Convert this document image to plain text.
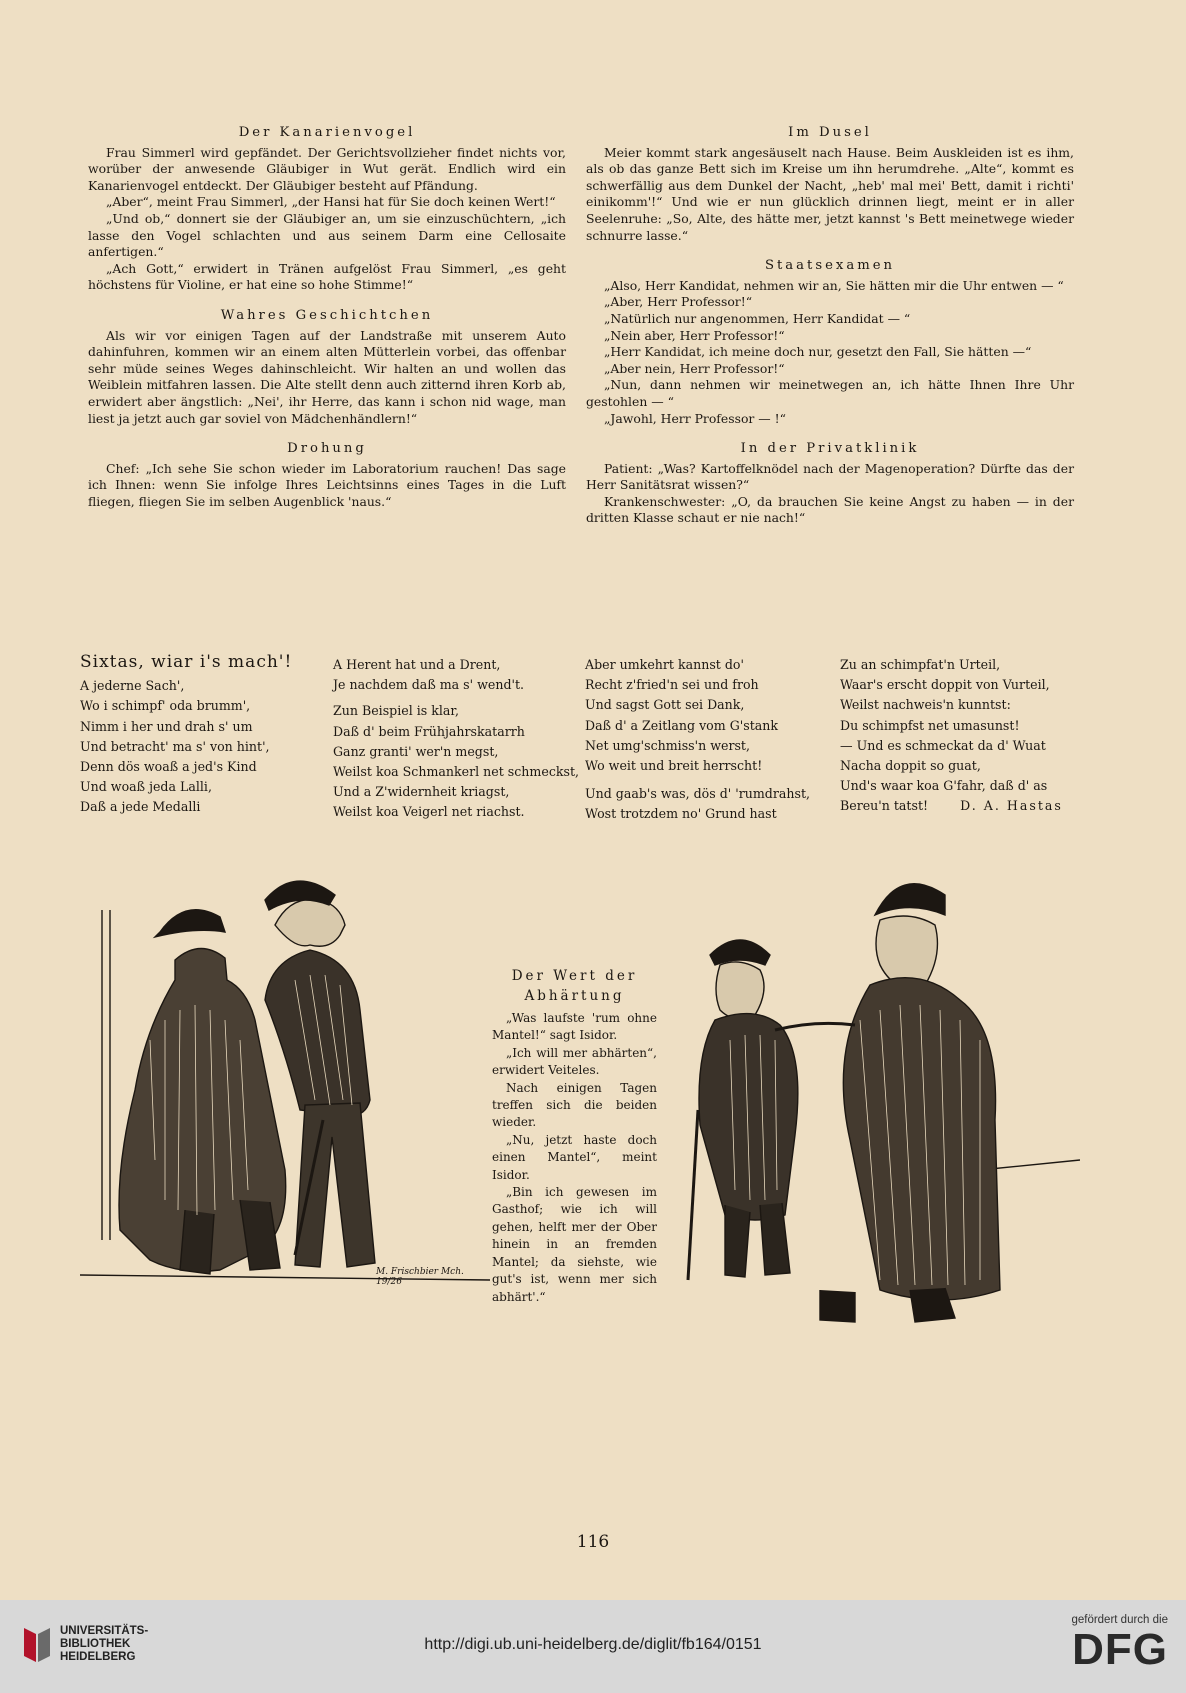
Der Kanarienvogel

Frau Simmerl wird gepfändet. Der Gerichtsvollzieher findet nichts vor, worüber der anwesende Gläubiger in Wut gerät. Endlich wird ein Kanarienvogel entdeckt. Der Gläubiger besteht auf Pfändung.

„Aber“, meint Frau Simmerl, „der Hansi hat für Sie doch keinen Wert!“

„Und ob,“ donnert sie der Gläubiger an, um sie einzuschüchtern, „ich lasse den Vogel schlachten und aus seinem Darm eine Cellosaite anfertigen.“

„Ach Gott,“ erwidert in Tränen aufgelöst Frau Simmerl, „es geht höchstens für Violine, er hat eine so hohe Stimme!“

Wahres Geschichtchen

Als wir vor einigen Tagen auf der Landstraße mit unserem Auto dahinfuhren, kommen wir an einem alten Mütterlein vorbei, das offenbar sehr müde seines Weges dahinschleicht. Wir halten an und wollen das Weiblein mitfahren lassen. Die Alte stellt denn auch zitternd ihren Korb ab, erwidert aber ängstlich: „Nei', ihr Herre, das kann i schon nid wage, man liest ja jetzt auch gar soviel von Mädchenhändlern!“

Drohung

Chef: „Ich sehe Sie schon wieder im Laboratorium rauchen! Das sage ich Ihnen: wenn Sie infolge Ihres Leichtsinns eines Tages in die Luft fliegen, fliegen Sie im selben Augenblick 'naus.“

Im Dusel

Meier kommt stark angesäuselt nach Hause. Beim Auskleiden ist es ihm, als ob das ganze Bett sich im Kreise um ihn herumdrehe. „Alte“, kommt es schwerfällig aus dem Dunkel der Nacht, „heb' mal mei' Bett, damit i richti' einikomm'!“ Und wie er nun glücklich drinnen liegt, meint er in aller Seelenruhe: „So, Alte, des hätte mer, jetzt kannst 's Bett meinetwege wieder schnurre lasse.“

Staatsexamen

„Also, Herr Kandidat, nehmen wir an, Sie hätten mir die Uhr entwen — “

„Aber, Herr Professor!“

„Natürlich nur angenommen, Herr Kandidat — “

„Nein aber, Herr Professor!“

„Herr Kandidat, ich meine doch nur, gesetzt den Fall, Sie hätten —“

„Aber nein, Herr Professor!“

„Nun, dann nehmen wir meinetwegen an, ich hätte Ihnen Ihre Uhr gestohlen — “

„Jawohl, Herr Professor — !“

In der Privatklinik

Patient: „Was? Kartoffelknödel nach der Magenoperation? Dürfte das der Herr Sanitätsrat wissen?“

Krankenschwester: „O, da brauchen Sie keine Angst zu haben — in der dritten Klasse schaut er nie nach!“

Sixtas, wiar i's mach'!
A jederne Sach',
Wo i schimpf' oda brumm',
Nimm i her und drah s' um
Und betracht' ma s' von hint',
Denn dös woaß a jed's Kind
Und woaß jeda Lalli,
Daß a jede Medalli
A Herent hat und a Drent,
Je nachdem daß ma s' wend't.
Zun Beispiel is klar,
Daß d' beim Frühjahrskatarrh
Ganz granti' wer'n megst,
Weilst koa Schmankerl net schmeckst,
Und a Z'widernheit kriagst,
Weilst koa Veigerl net riachst.
Aber umkehrt kannst do'
Recht z'fried'n sei und froh
Und sagst Gott sei Dank,
Daß d' a Zeitlang vom G'stank
Net umg'schmiss'n werst,
Wo weit und breit herrscht!
Und gaab's was, dös d' 'rumdrahst,
Wost trotzdem no' Grund hast
Zu an schimpfat'n Urteil,
Waar's erscht doppit von Vurteil,
Weilst nachweis'n kunntst:
Du schimpfst net umasunst!
— Und es schmeckat da d' Wuat
Nacha doppit so guat,
Und's waar koa G'fahr, daß d' as
Bereu'n tatst!	D. A. Hastas
M. Frischbier Mch. 19/26
Der Wert der
Abhärtung

„Was laufste 'rum ohne Mantel!“ sagt Isidor.

„Ich will mer abhärten“, erwidert Veiteles.

Nach einigen Tagen treffen sich die beiden wieder.

„Nu, jetzt haste doch einen Mantel“, meint Isidor.

„Bin ich gewesen im Gasthof; wie ich will gehen, helft mer der Ober hinein in an fremden Mantel; da siehste, wie gut's ist, wenn mer sich abhärt'.“

116
UNIVERSITÄTS-
BIBLIOTHEK
HEIDELBERG
http://digi.ub.uni-heidelberg.de/diglit/fb164/0151
gefördert durch die
DFG
